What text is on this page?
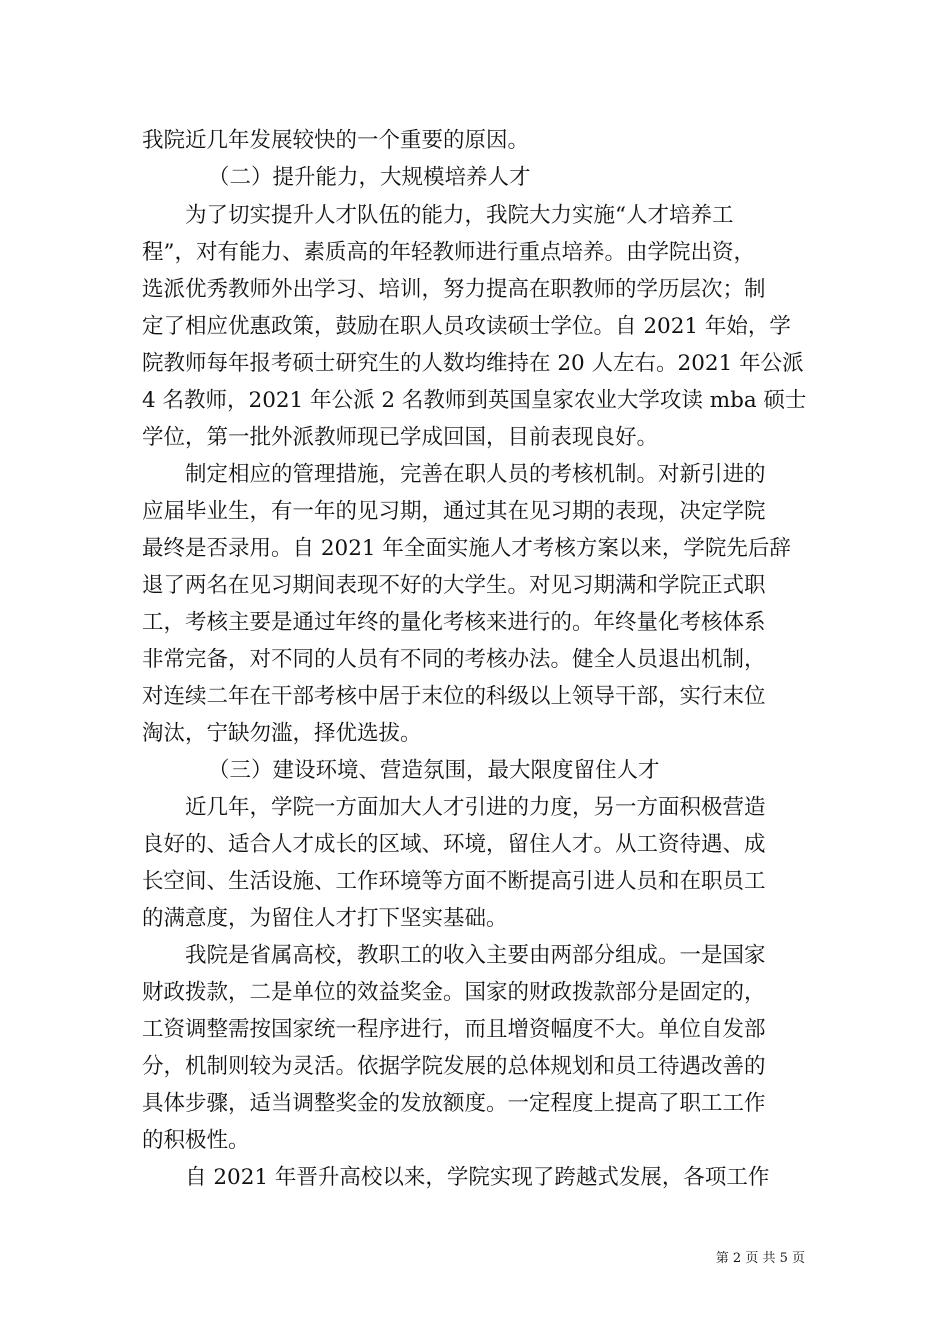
我院近几年发展较快的一个重要的原因。
（二）提升能力，大规模培养人才
为了切实提升人才队伍的能力，我院大力实施“人才培养工
程”，对有能力、素质高的年轻教师进行重点培养。由学院出资，
选派优秀教师外出学习、培训，努力提高在职教师的学历层次；制
定了相应优惠政策，鼓励在职人员攻读硕士学位。自 2021 年始，学
院教师每年报考硕士研究生的人数均维持在 20 人左右。2021 年公派
4 名教师，2021 年公派 2 名教师到英国皇家农业大学攻读 mba 硕士
学位，第一批外派教师现已学成回国，目前表现良好。
制定相应的管理措施，完善在职人员的考核机制。对新引进的
应届毕业生，有一年的见习期，通过其在见习期的表现，决定学院
最终是否录用。自 2021 年全面实施人才考核方案以来，学院先后辞
退了两名在见习期间表现不好的大学生。对见习期满和学院正式职
工，考核主要是通过年终的量化考核来进行的。年终量化考核体系
非常完备，对不同的人员有不同的考核办法。健全人员退出机制，
对连续二年在干部考核中居于末位的科级以上领导干部，实行末位
淘汰，宁缺勿滥，择优选拔。
（三）建设环境、营造氛围，最大限度留住人才
近几年，学院一方面加大人才引进的力度，另一方面积极营造
良好的、适合人才成长的区域、环境，留住人才。从工资待遇、成
长空间、生活设施、工作环境等方面不断提高引进人员和在职员工
的满意度，为留住人才打下坚实基础。
我院是省属高校，教职工的收入主要由两部分组成。一是国家
财政拨款，二是单位的效益奖金。国家的财政拨款部分是固定的，
工资调整需按国家统一程序进行，而且增资幅度不大。单位自发部
分，机制则较为灵活。依据学院发展的总体规划和员工待遇改善的
具体步骤，适当调整奖金的发放额度。一定程度上提高了职工工作
的积极性。
自 2021 年晋升高校以来，学院实现了跨越式发展，各项工作
第 2 页 共 5 页
